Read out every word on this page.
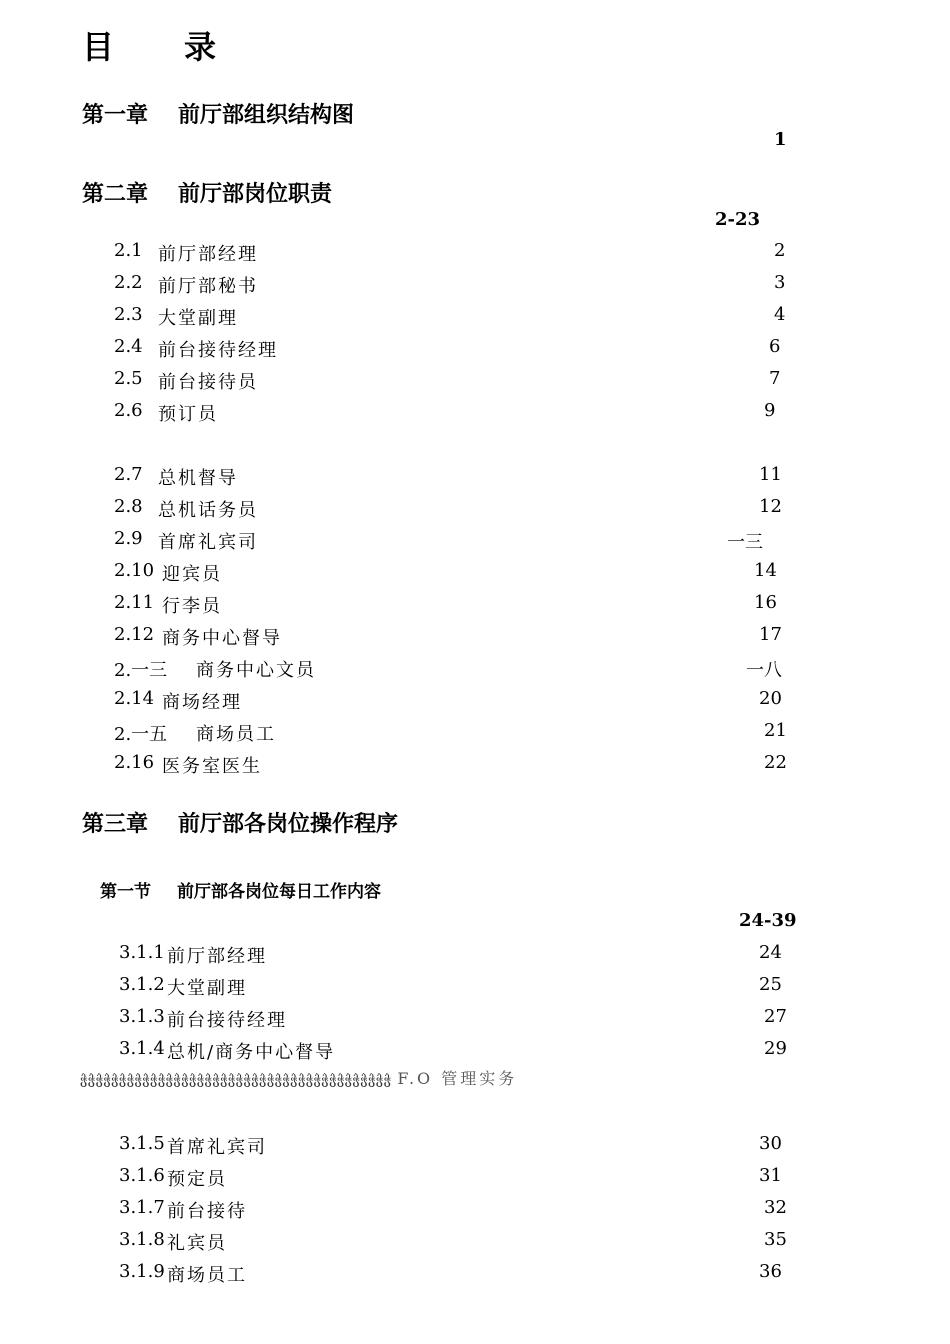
目　　录
第一章 前厅部组织结构图
1
第二章 前厅部岗位职责
2-23
2.1 前厅部经理	2
2.2 前厅部秘书	3
2.3 大堂副理	4
2.4 前台接待经理	6
2.5 前台接待员	7
2.6 预订员	9
2.7 总机督导	11
2.8 总机话务员	12
2.9 首席礼宾司	一三
2.10 迎宾员	14
2.11 行李员	16
2.12 商务中心督导	17
2.一三 商务中心文员	一八
2.14 商场经理	20
2.一五 商场员工	21
2.16 医务室医生	22
第三章 前厅部各岗位操作程序
第一节 前厅部各岗位每日工作内容
24-39
3.1.1 前厅部经理	24
3.1.2 大堂副理	25
3.1.3 前台接待经理	27
3.1.4 总机/商务中心督导	29
ჭჭჭჭჭჭჭჭჭჭჭჭჭჭჭჭჭჭჭჭჭჭჭჭჭჭჭჭჭჭჭჭჭჭჭჭჭჭჭჭ F.O 管理实务
3.1.5 首席礼宾司	30
3.1.6 预定员	31
3.1.7 前台接待	32
3.1.8 礼宾员	35
3.1.9 商场员工	36
